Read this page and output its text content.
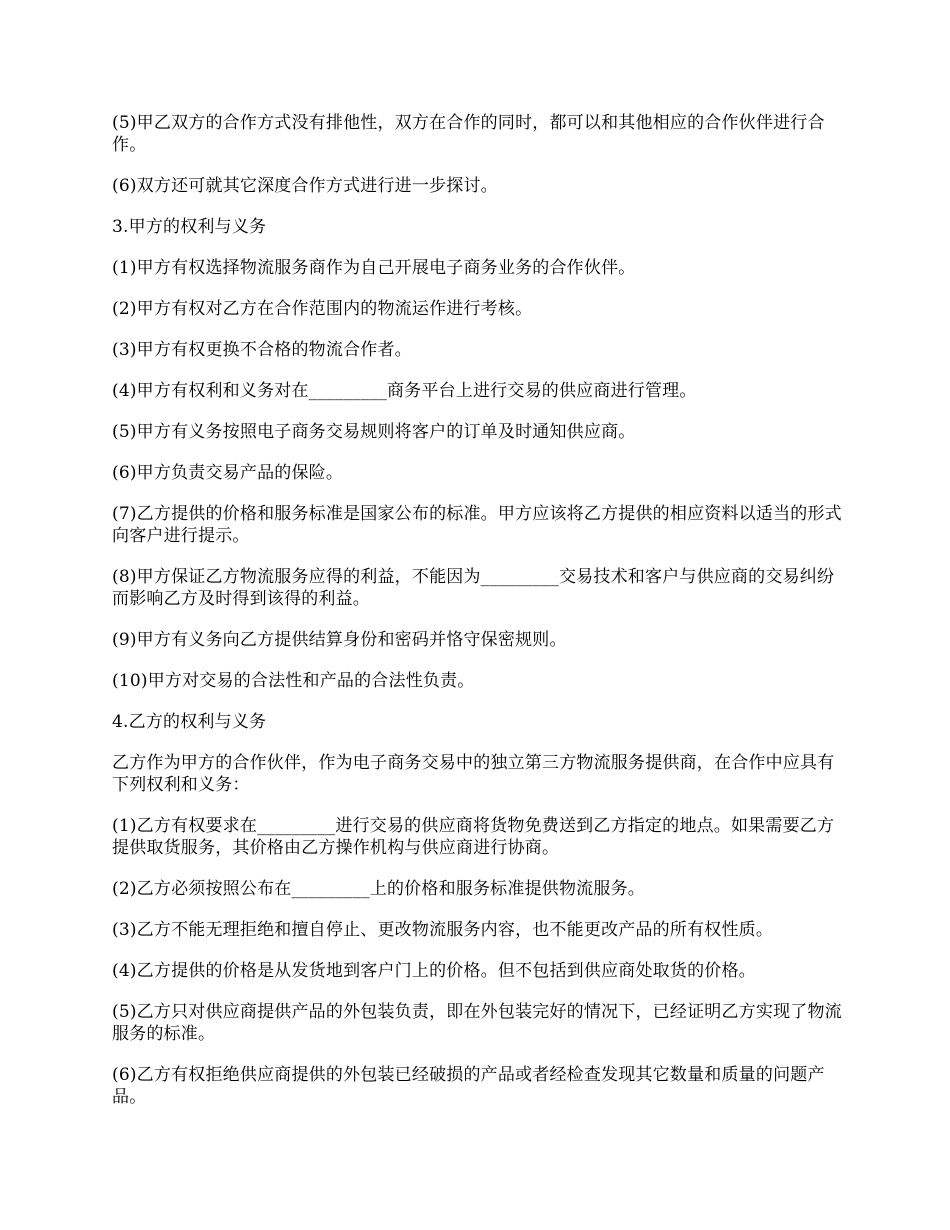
(5)甲乙双方的合作方式没有排他性，双方在合作的同时，都可以和其他相应的合作伙伴进行合作。

(6)双方还可就其它深度合作方式进行进一步探讨。

3.甲方的权利与义务

(1)甲方有权选择物流服务商作为自己开展电子商务业务的合作伙伴。

(2)甲方有权对乙方在合作范围内的物流运作进行考核。

(3)甲方有权更换不合格的物流合作者。

(4)甲方有权利和义务对在_________商务平台上进行交易的供应商进行管理。

(5)甲方有义务按照电子商务交易规则将客户的订单及时通知供应商。

(6)甲方负责交易产品的保险。

(7)乙方提供的价格和服务标准是国家公布的标准。甲方应该将乙方提供的相应资料以适当的形式向客户进行提示。

(8)甲方保证乙方物流服务应得的利益，不能因为_________交易技术和客户与供应商的交易纠纷而影响乙方及时得到该得的利益。

(9)甲方有义务向乙方提供结算身份和密码并恪守保密规则。

(10)甲方对交易的合法性和产品的合法性负责。

4.乙方的权利与义务

乙方作为甲方的合作伙伴，作为电子商务交易中的独立第三方物流服务提供商，在合作中应具有下列权利和义务：

(1)乙方有权要求在_________进行交易的供应商将货物免费送到乙方指定的地点。如果需要乙方提供取货服务，其价格由乙方操作机构与供应商进行协商。

(2)乙方必须按照公布在_________上的价格和服务标准提供物流服务。

(3)乙方不能无理拒绝和擅自停止、更改物流服务内容，也不能更改产品的所有权性质。

(4)乙方提供的价格是从发货地到客户门上的价格。但不包括到供应商处取货的价格。

(5)乙方只对供应商提供产品的外包装负责，即在外包装完好的情况下，已经证明乙方实现了物流服务的标准。

(6)乙方有权拒绝供应商提供的外包装已经破损的产品或者经检查发现其它数量和质量的问题产品。
